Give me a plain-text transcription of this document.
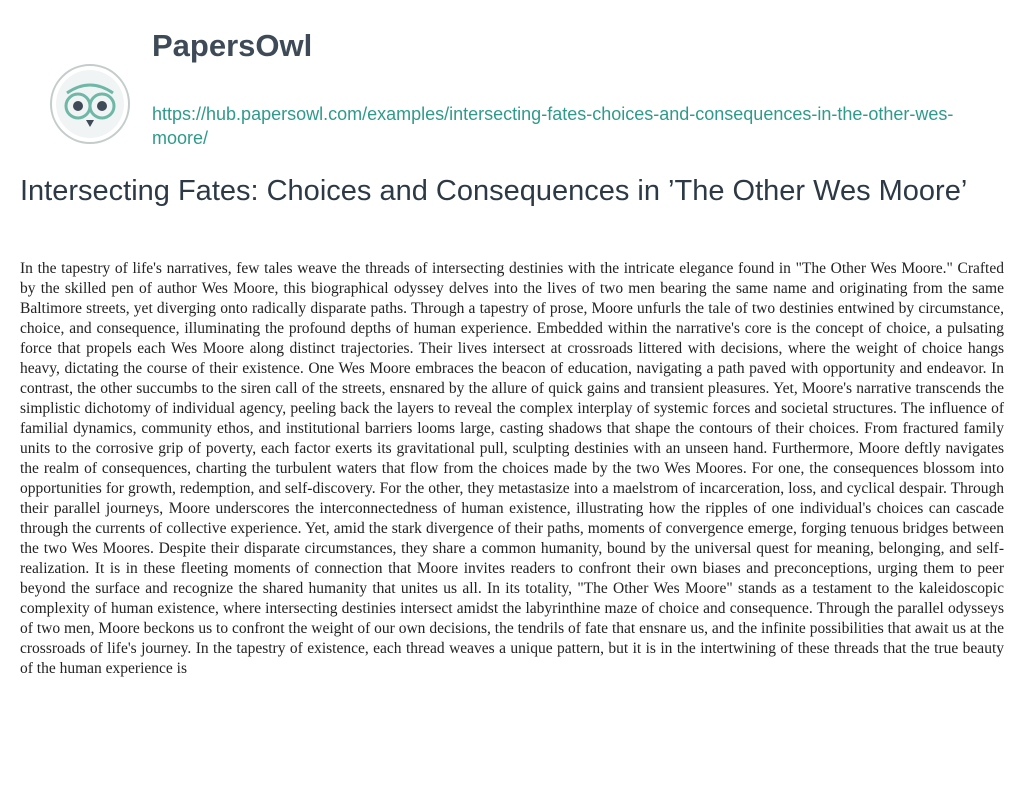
PapersOwl
https://hub.papersowl.com/examples/intersecting-fates-choices-and-consequences-in-the-other-wes-moore/
Intersecting Fates: Choices and Consequences in ’The Other Wes Moore’

In the tapestry of life's narratives, few tales weave the threads of intersecting destinies with the intricate elegance found in "The Other Wes Moore." Crafted by the skilled pen of author Wes Moore, this biographical odyssey delves into the lives of two men bearing the same name and originating from the same Baltimore streets, yet diverging onto radically disparate paths. Through a tapestry of prose, Moore unfurls the tale of two destinies entwined by circumstance, choice, and consequence, illuminating the profound depths of human experience. Embedded within the narrative's core is the concept of choice, a pulsating force that propels each Wes Moore along distinct trajectories. Their lives intersect at crossroads littered with decisions, where the weight of choice hangs heavy, dictating the course of their existence. One Wes Moore embraces the beacon of education, navigating a path paved with opportunity and endeavor. In contrast, the other succumbs to the siren call of the streets, ensnared by the allure of quick gains and transient pleasures. Yet, Moore's narrative transcends the simplistic dichotomy of individual agency, peeling back the layers to reveal the complex interplay of systemic forces and societal structures. The influence of familial dynamics, community ethos, and institutional barriers looms large, casting shadows that shape the contours of their choices. From fractured family units to the corrosive grip of poverty, each factor exerts its gravitational pull, sculpting destinies with an unseen hand. Furthermore, Moore deftly navigates the realm of consequences, charting the turbulent waters that flow from the choices made by the two Wes Moores. For one, the consequences blossom into opportunities for growth, redemption, and self-discovery. For the other, they metastasize into a maelstrom of incarceration, loss, and cyclical despair. Through their parallel journeys, Moore underscores the interconnectedness of human existence, illustrating how the ripples of one individual's choices can cascade through the currents of collective experience. Yet, amid the stark divergence of their paths, moments of convergence emerge, forging tenuous bridges between the two Wes Moores. Despite their disparate circumstances, they share a common humanity, bound by the universal quest for meaning, belonging, and self-realization. It is in these fleeting moments of connection that Moore invites readers to confront their own biases and preconceptions, urging them to peer beyond the surface and recognize the shared humanity that unites us all. In its totality, "The Other Wes Moore" stands as a testament to the kaleidoscopic complexity of human existence, where intersecting destinies intersect amidst the labyrinthine maze of choice and consequence. Through the parallel odysseys of two men, Moore beckons us to confront the weight of our own decisions, the tendrils of fate that ensnare us, and the infinite possibilities that await us at the crossroads of life's journey. In the tapestry of existence, each thread weaves a unique pattern, but it is in the intertwining of these threads that the true beauty of the human experience is
